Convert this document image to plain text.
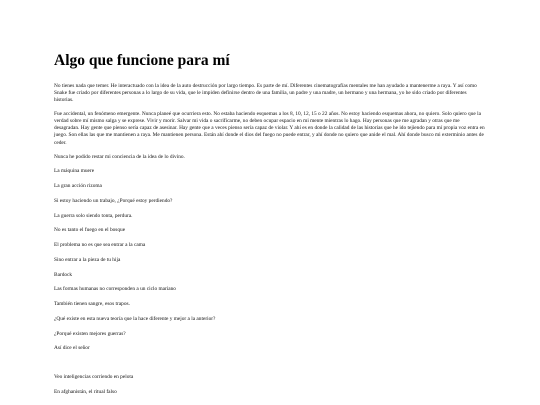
Algo que funcione para mí

No tienes nada que temer. He interactuado con la idea de la auto destrucción por largo tiempo. Es parte de mí. Diferentes cinematografías mentales me han ayudado a mantenerme a raya. Y así como Snake fue criado por diferentes personas a lo largo de su vida, que le impiden definirse dentro de una familia, un padre y una madre, un hermano y una hermana, yo he sido criado por diferentes historias.

Fue accidental, un fenómeno emergente. Nunca planeé que ocurriera esto. No estaba haciendo esquemas a los 8, 10, 12, 15 o 22 años. No estoy haciendo esquemas ahora, no quiero. Solo quiero que la verdad sobre mí mismo salga y se exprese. Vivir y morir. Salvar mi vida o sacrificarme, no deben ocupar espacio en mi mente mientras lo hago. Hay personas que me agradan y otras que me desagradan. Hay gente que pienso sería capaz de asesinar. Hay gente que a veces pienso sería capaz de violar. Y ahí es en donde la calidad de las historias que he ido tejiendo para mí propia voz entra en juego. Son ellas las que me mantienen a raya. Me mantienen persona. Están ahí donde el dios del fuego no puede entrar, y ahí donde no quiero que anide el mal. Ahí donde busco mi exterminio antes de ceder.

Nunca he podido restar mi conciencia de la idea de lo divino.

La máquina muere

La gran acción rizoma

Si estoy haciendo un trabajo, ¿Porqué estoy perdiendo?

La guerra solo siendo tonta, perdura.

No es tanto el fuego en el bosque

El problema no es que sea entrar a la cama

Sino entrar a la pieza de tu hija

Bardock

Las formas humanas no corresponden a un ciclo mariano

También tienen sangre, esos trapos.

¿Qué existe en esta nueva teoría que la hace diferente y mejor a la anterior?

¿Porqué existen mejores guerras?

Así dice el señor

Veo inteligencias corriendo en pelota

En afghanistán, el ritual falso
